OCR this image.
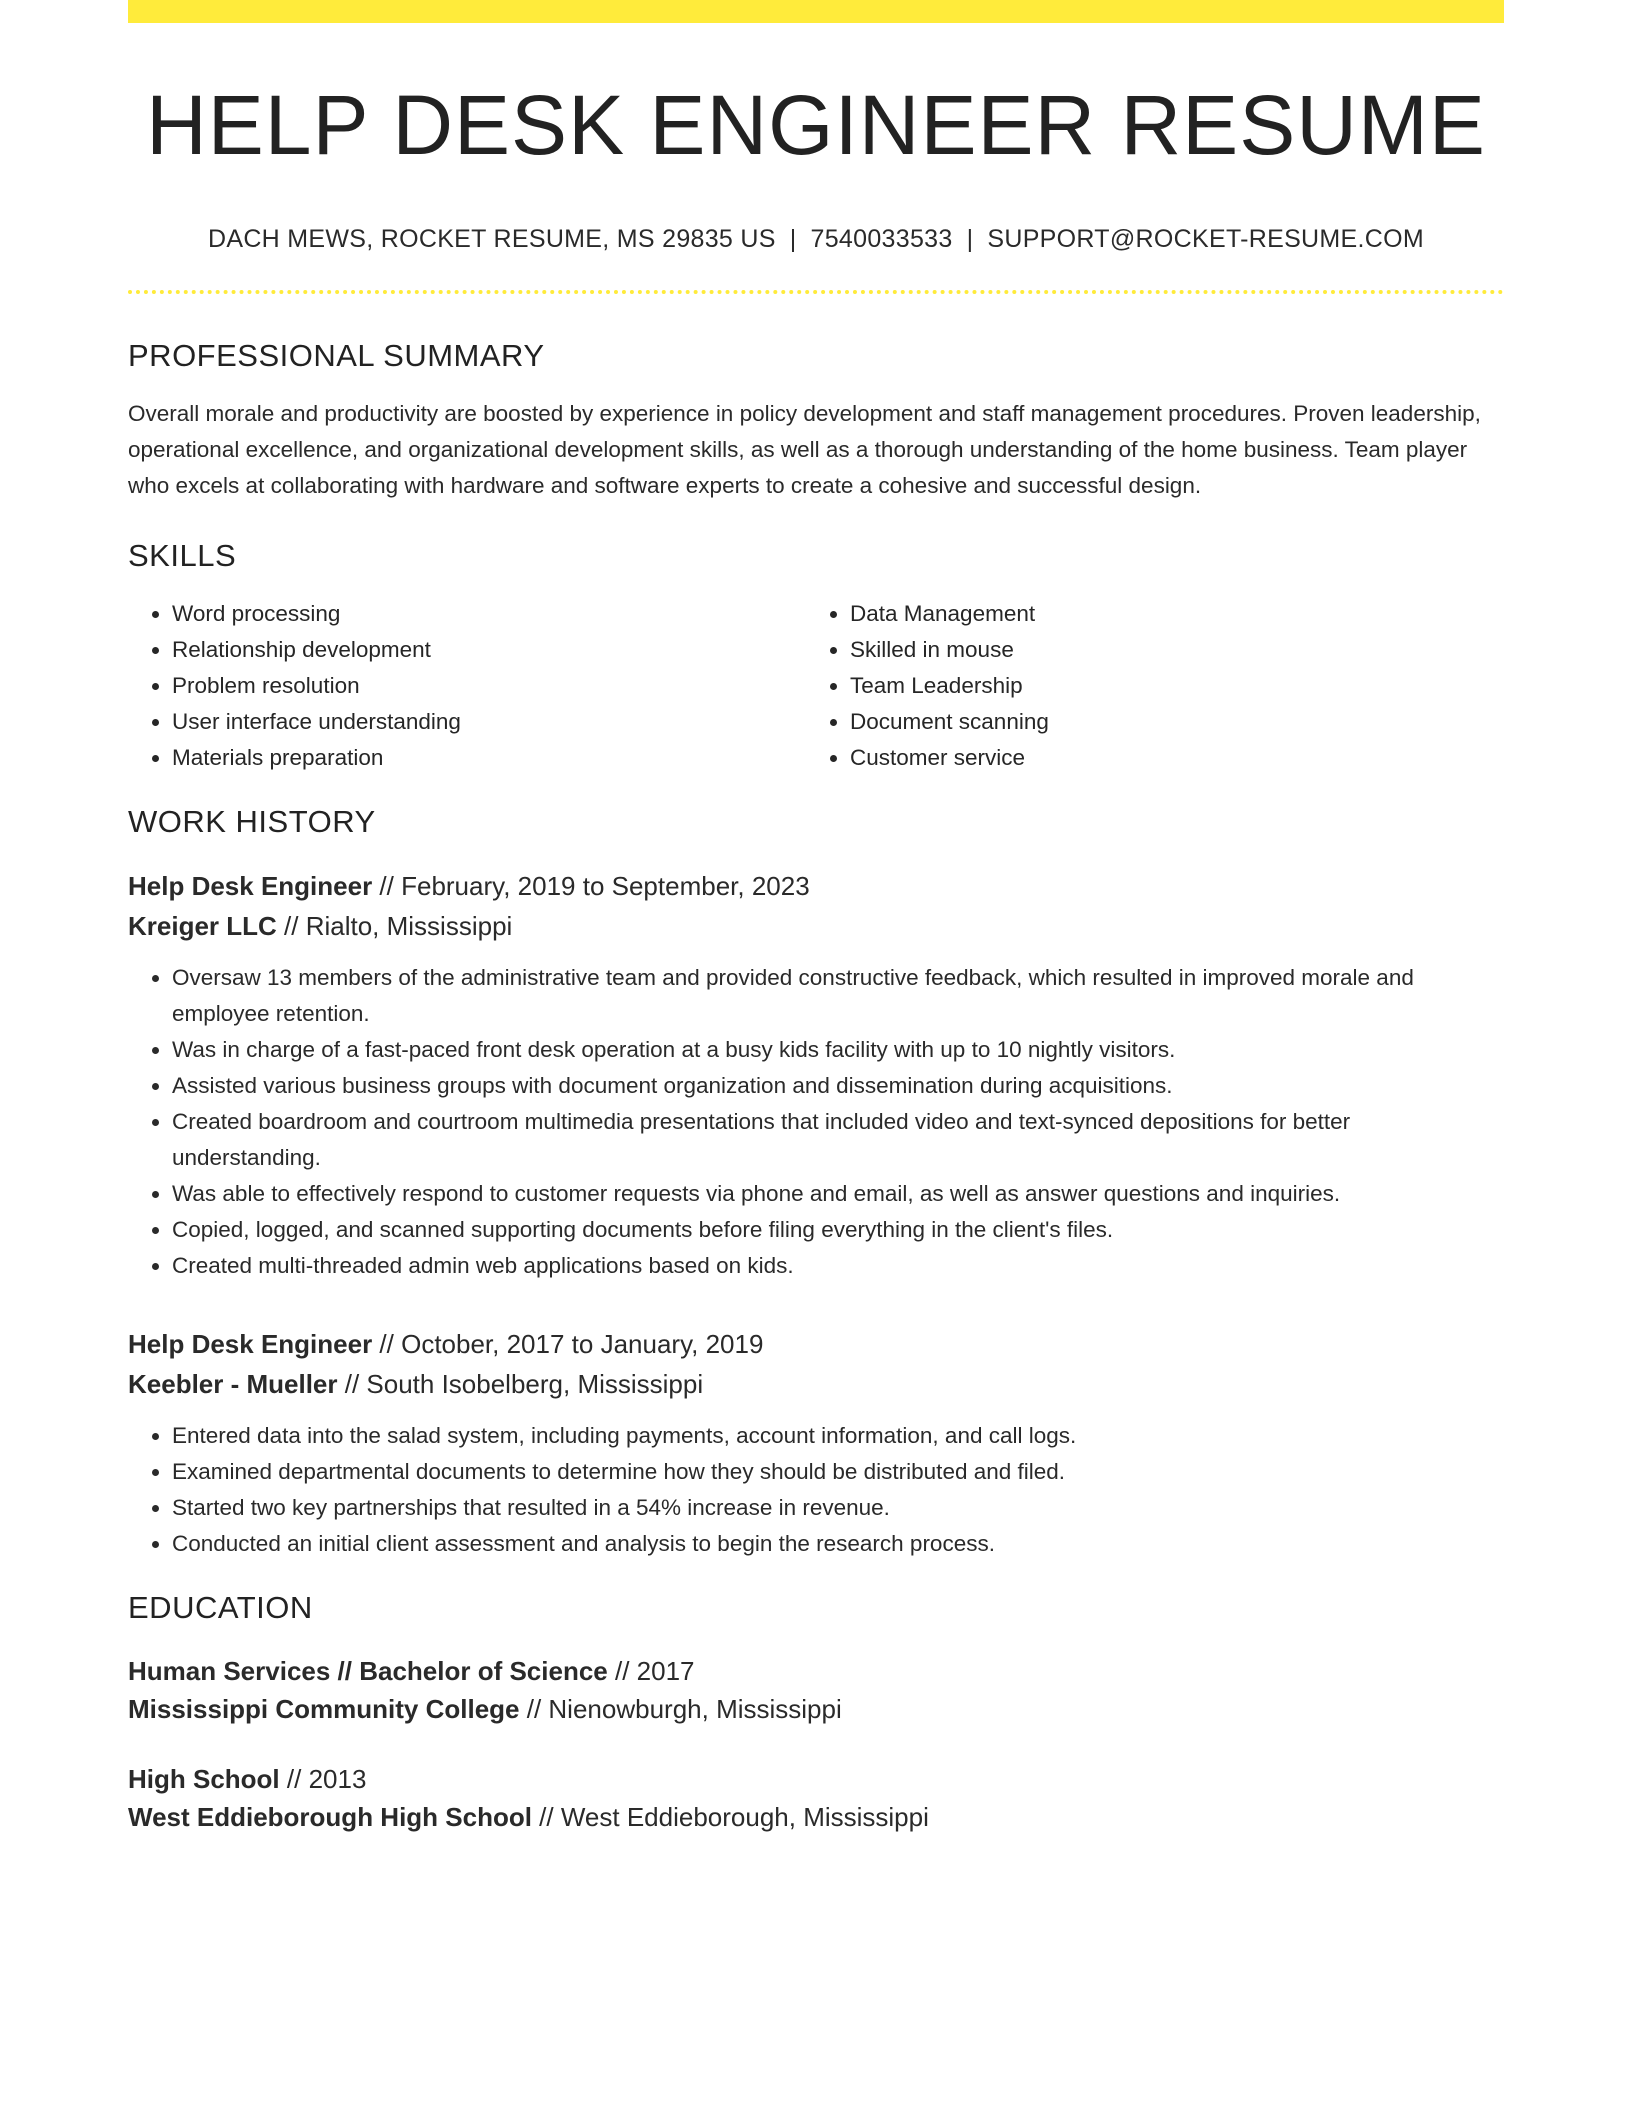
HELP DESK ENGINEER RESUME
DACH MEWS, ROCKET RESUME, MS 29835 US | 7540033533 | SUPPORT@ROCKET-RESUME.COM
PROFESSIONAL SUMMARY

Overall morale and productivity are boosted by experience in policy development and staff management procedures. Proven leadership, operational excellence, and organizational development skills, as well as a thorough understanding of the home business. Team player who excels at collaborating with hardware and software experts to create a cohesive and successful design.

SKILLS
• Word processing
• Relationship development
• Problem resolution
• User interface understanding
• Materials preparation
• Data Management
• Skilled in mouse
• Team Leadership
• Document scanning
• Customer service
WORK HISTORY
Help Desk Engineer // February, 2019 to September, 2023
Kreiger LLC // Rialto, Mississippi
• Oversaw 13 members of the administrative team and provided constructive feedback, which resulted in improved morale and employee retention.
• Was in charge of a fast-paced front desk operation at a busy kids facility with up to 10 nightly visitors.
• Assisted various business groups with document organization and dissemination during acquisitions.
• Created boardroom and courtroom multimedia presentations that included video and text-synced depositions for better understanding.
• Was able to effectively respond to customer requests via phone and email, as well as answer questions and inquiries.
• Copied, logged, and scanned supporting documents before filing everything in the client's files.
• Created multi-threaded admin web applications based on kids.
Help Desk Engineer // October, 2017 to January, 2019
Keebler - Mueller // South Isobelberg, Mississippi
• Entered data into the salad system, including payments, account information, and call logs.
• Examined departmental documents to determine how they should be distributed and filed.
• Started two key partnerships that resulted in a 54% increase in revenue.
• Conducted an initial client assessment and analysis to begin the research process.
EDUCATION
Human Services // Bachelor of Science // 2017
Mississippi Community College // Nienowburgh, Mississippi
High School // 2013
West Eddieborough High School // West Eddieborough, Mississippi
